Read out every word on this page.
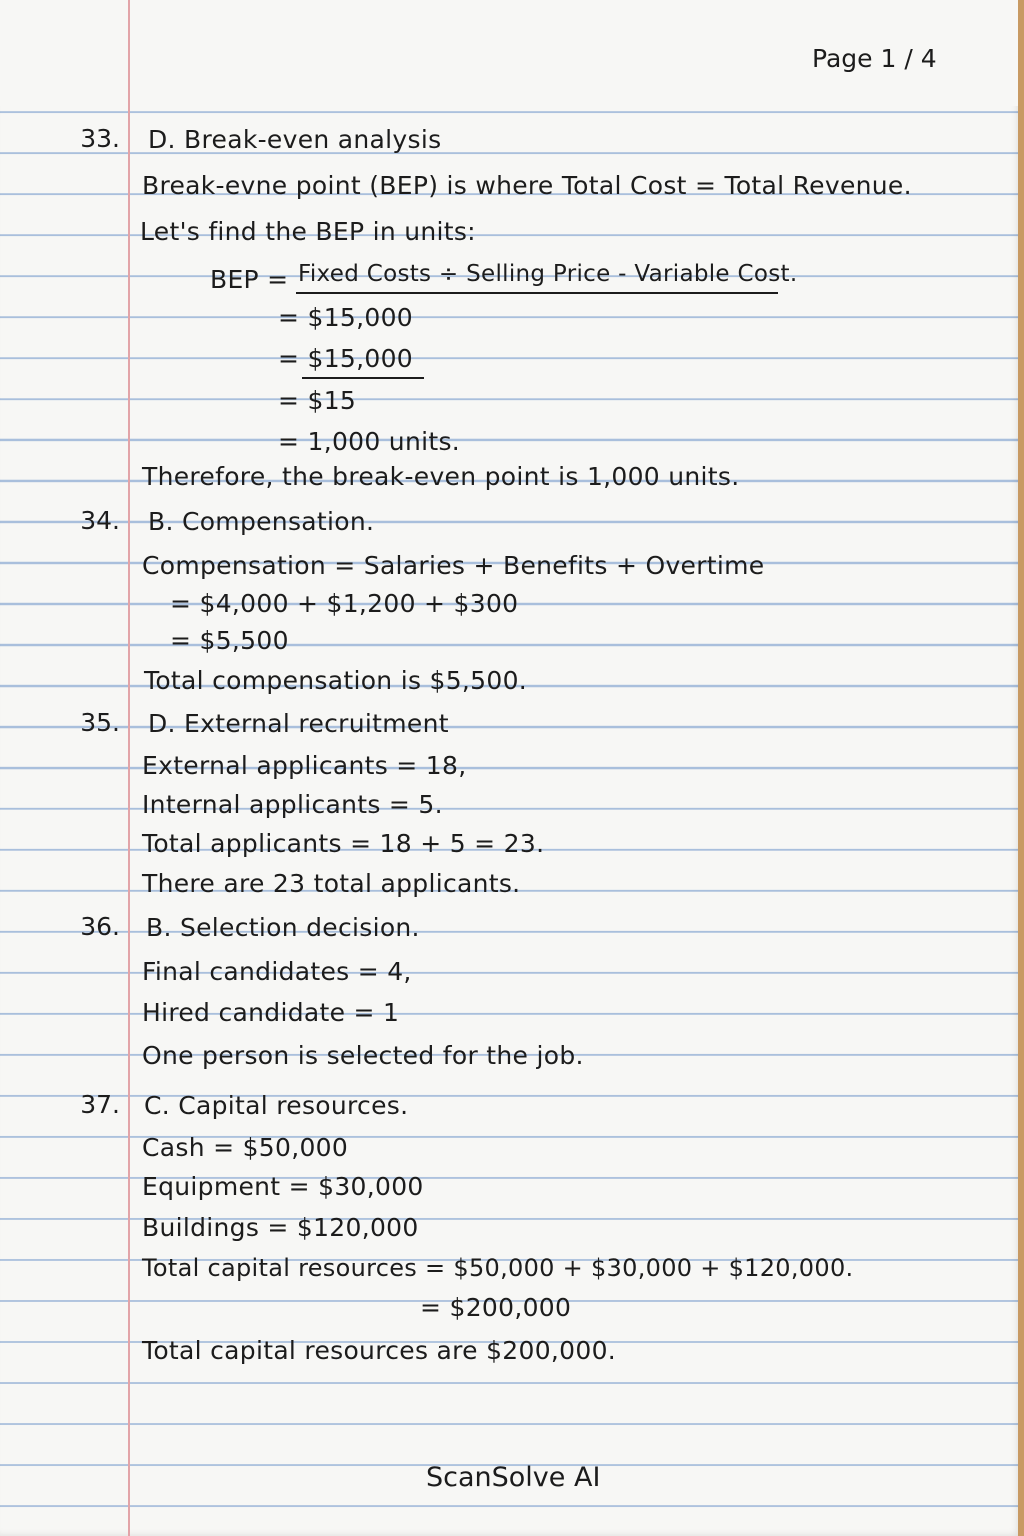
Page 1 / 4
33. D. Break-even analysis
Break-evne point (BEP) is where Total Cost = Total Revenue.
Let's find the BEP in units:
BEP = Fixed Costs ÷ Selling Price - Variable Cost.
= $15,000
= $15,000
= $15
= 1,000 units.
Therefore, the break-even point is 1,000 units.
34. B. Compensation.
Compensation = Salaries + Benefits + Overtime
= $4,000 + $1,200 + $300
= $5,500
Total compensation is $5,500.
35. D. External recruitment
External applicants = 18,
Internal applicants = 5.
Total applicants = 18 + 5 = 23.
There are 23 total applicants.
36. B. Selection decision.
Final candidates = 4,
Hired candidate = 1
One person is selected for the job.
37. C. Capital resources.
Cash = $50,000
Equipment = $30,000
Buildings = $120,000
Total capital resources = $50,000 + $30,000 + $120,000.
= $200,000
Total capital resources are $200,000.
ScanSolve AI
